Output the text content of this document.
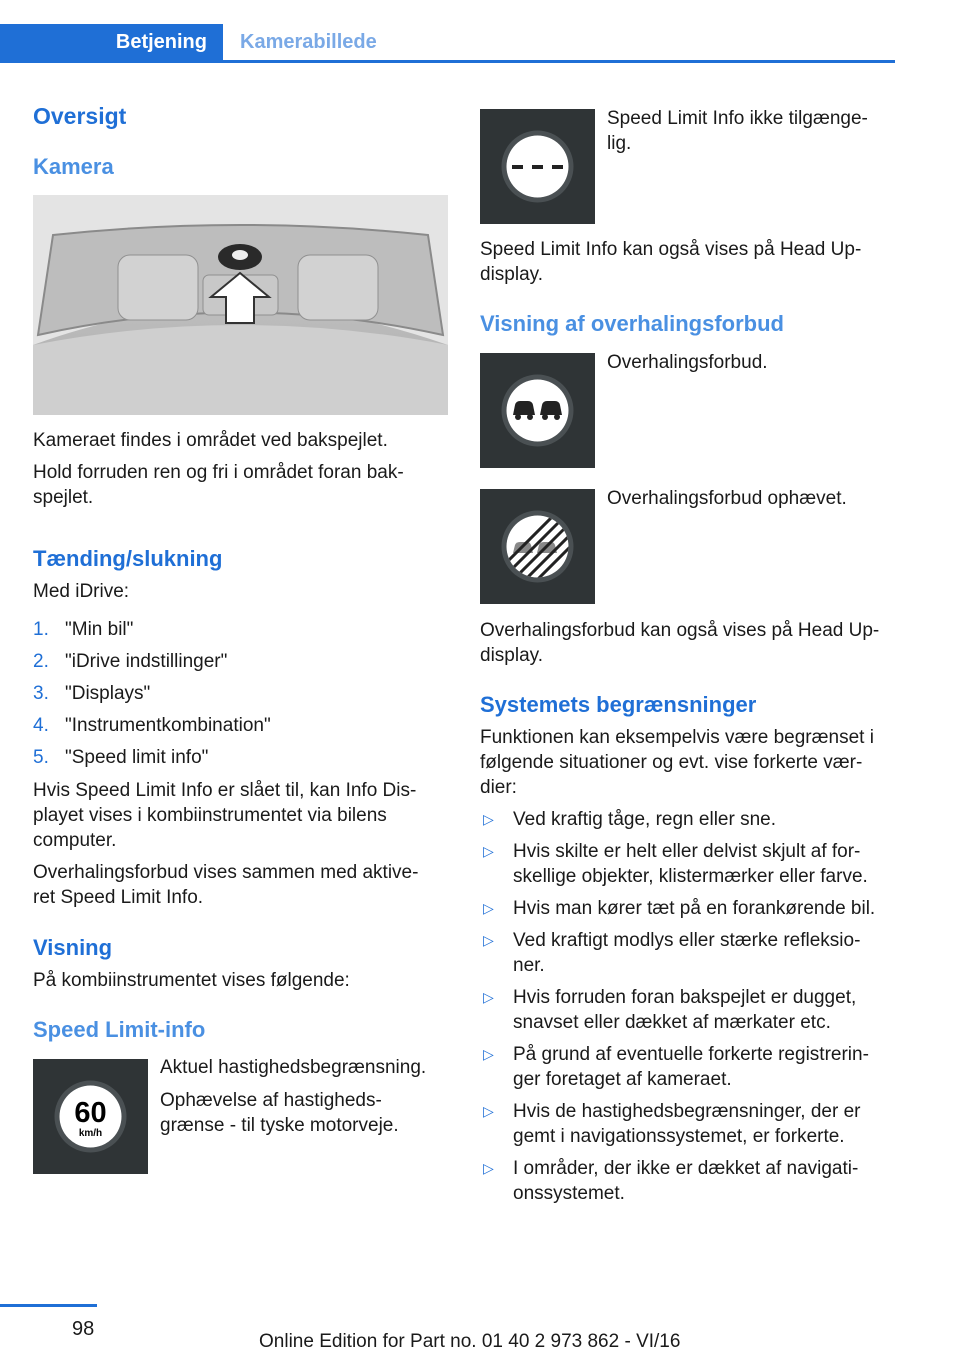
Betjening	Kamerabillede
Oversigt
Kamera
Kameraet findes i området ved bakspejlet.
Hold forruden ren og fri i området foran bak‐
spejlet.
Tænding/slukning
Med iDrive:
1. "Min bil"
2. "iDrive indstillinger"
3. "Displays"
4. "Instrumentkombination"
5. "Speed limit info"
Hvis Speed Limit Info er slået til, kan Info Dis‐
playet vises i kombiinstrumentet via bilens
computer.
Overhalingsforbud vises sammen med aktive‐
ret Speed Limit Info.
Visning
På kombiinstrumentet vises følgende:
Speed Limit-info
60
km/h
Aktuel hastighedsbegrænsning.
Ophævelse af hastigheds‐
grænse - til tyske motorveje.
Speed Limit Info ikke tilgænge‐
lig.
Speed Limit Info kan også vises på Head Up-
display.
Visning af overhalingsforbud
Overhalingsforbud.
Overhalingsforbud ophævet.
Overhalingsforbud kan også vises på Head Up-
display.
Systemets begrænsninger
Funktionen kan eksempelvis være begrænset i
følgende situationer og evt. vise forkerte vær‐
dier:
▷ Ved kraftig tåge, regn eller sne.
▷ Hvis skilte er helt eller delvist skjult af for‐
skellige objekter, klistermærker eller farve.
▷ Hvis man kører tæt på en forankørende bil.
▷ Ved kraftigt modlys eller stærke refleksio‐
ner.
▷ Hvis forruden foran bakspejlet er dugget,
snavset eller dækket af mærkater etc.
▷ På grund af eventuelle forkerte registrerin‐
ger foretaget af kameraet.
▷ Hvis de hastighedsbegrænsninger, der er
gemt i navigationssystemet, er forkerte.
▷ I områder, der ikke er dækket af navigati‐
onssystemet.
98
Online Edition for Part no. 01 40 2 973 862 - VI/16
